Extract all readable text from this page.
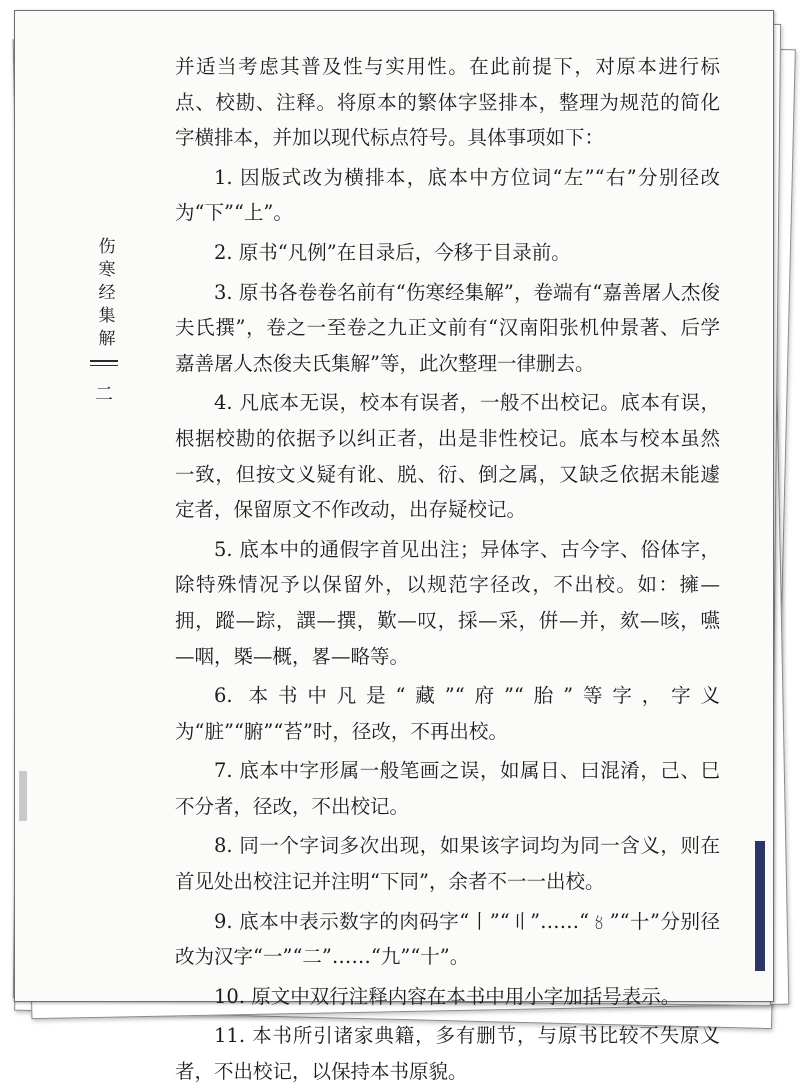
伤寒经集解
二

并适当考虑其普及性与实用性。在此前提下，对原本进行标点、校勘、注释。将原本的繁体字竖排本，整理为规范的简化字横排本，并加以现代标点符号。具体事项如下：

1. 因版式改为横排本，底本中方位词“左”“右”分别径改为“下”“上”。

2. 原书“凡例”在目录后，今移于目录前。

3. 原书各卷卷名前有“伤寒经集解”，卷端有“嘉善屠人杰俊夫氏撰”，卷之一至卷之九正文前有“汉南阳张机仲景著、后学嘉善屠人杰俊夫氏集解”等，此次整理一律删去。

4. 凡底本无误，校本有误者，一般不出校记。底本有误，根据校勘的依据予以纠正者，出是非性校记。底本与校本虽然一致，但按文义疑有讹、脱、衍、倒之属，又缺乏依据未能遽定者，保留原文不作改动，出存疑校记。

5. 底本中的通假字首见出注；异体字、古今字、俗体字，除特殊情况予以保留外，以规范字径改，不出校。如：擁—拥，蹤—踪，譔—撰，歎—叹，採—采，倂—并，欬—咳，嚥—咽，槩—概，畧—略等。

6. 本书中凡是“藏”“府”“胎”等字，字义为“脏”“腑”“苔”时，径改，不再出校。

7. 底本中字形属一般笔画之误，如属日、曰混淆，己、巳不分者，径改，不出校记。

8. 同一个字词多次出现，如果该字词均为同一含义，则在首见处出校注记并注明“下同”，余者不一一出校。

9. 底本中表示数字的肉码字“丨”“〢”……“〥”“〸”分别径改为汉字“一”“二”……“九”“十”。

10. 原文中双行注释内容在本书中用小字加括号表示。

11. 本书所引诸家典籍，多有删节，与原书比较不失原义者，不出校记，以保持本书原貌。
